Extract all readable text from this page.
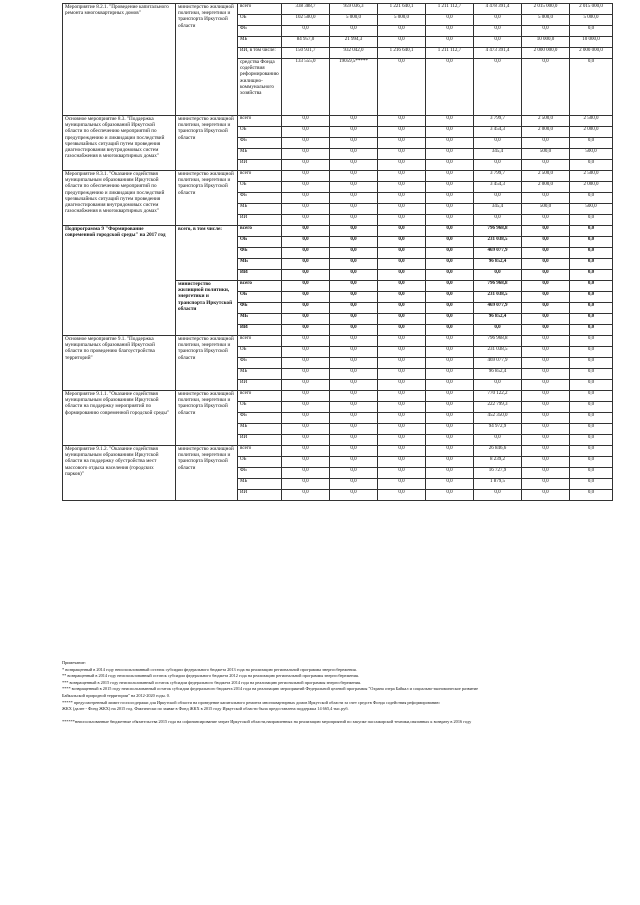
Мероприятие 8.2.1. "Проведение капитального ремонта многоквартирных домов"	министерство жилищной политики, энергетики и транспорта Иркутской области	всего	338 388,7	959 036,3	1 221 640,1	1 211 112,7	4 478 391,4	2 015 000,0	2 015 000,0
		ОБ	102 500,0	5 000,0	5 000,0	0,0	0,0	5 000,0	5 000,0
		ФБ	0,0	0,0	0,0	0,0	0,0	0,0	0,0
		МБ	84 957,0	21 994,3	0,0	0,0	0,0	10 000,0	10 000,0
		ИИ, в том числе:	150 931,7	932 042,0	1 216 640,1	1 211 112,7	4 473 391,4	2 000 000,0	2 000 000,0
		средства Фонда содействия реформированию жилищно-коммунального хозяйства	133 555,0	19059,5*****	0,0	0,0	0,0	0,0	0,0
Основное мероприятие 8.3. "Поддержка муниципальных образований Иркутской области по обеспечению мероприятий по предупреждению и ликвидации последствий чрезвычайных ситуаций путем проведения диагностирования внутридомовых систем газоснабжения в многоквартирных домах"	министерство жилищной политики, энергетики и транспорта Иркутской области	всего	0,0	0,0	0,0	0,0	3 799,7	2 500,0	2 500,0
		ОБ	0,0	0,0	0,0	0,0	3 454,3	2 000,0	2 000,0
		ФБ	0,0	0,0	0,0	0,0	0,0	0,0	0,0
		МБ	0,0	0,0	0,0	0,0	345,4	500,0	500,0
		ИИ	0,0	0,0	0,0	0,0	0,0	0,0	0,0
Мероприятие 8.3.1. "Оказание содействия муниципальным образованиям Иркутской области по обеспечению мероприятий по предупреждению и ликвидации последствий чрезвычайных ситуаций путем проведения диагностирования внутридомовых систем газоснабжения в многоквартирных домах"	министерство жилищной политики, энергетики и транспорта Иркутской области	всего	0,0	0,0	0,0	0,0	3 799,7	2 500,0	2 500,0
		ОБ	0,0	0,0	0,0	0,0	3 454,3	2 000,0	2 000,0
		ФБ	0,0	0,0	0,0	0,0	0,0	0,0	0,0
		МБ	0,0	0,0	0,0	0,0	345,4	500,0	500,0
		ИИ	0,0	0,0	0,0	0,0	0,0	0,0	0,0
Подпрограмма 9 "Формирование современной городской среды" на 2017 год	всего, в том числе:	всего	0,0	0,0	0,0	0,0	796 968,8	0,0	0,0
		ОБ	0,0	0,0	0,0	0,0	231 038,5	0,0	0,0
		ФБ	0,0	0,0	0,0	0,0	469 077,9	0,0	0,0
		МБ	0,0	0,0	0,0	0,0	96 852,4	0,0	0,0
		ИИ	0,0	0,0	0,0	0,0	0,0	0,0	0,0
	министерство жилищной политики, энергетики и транспорта Иркутской области	всего	0,0	0,0	0,0	0,0	796 968,8	0,0	0,0
		ОБ	0,0	0,0	0,0	0,0	231 038,5	0,0	0,0
		ФБ	0,0	0,0	0,0	0,0	469 077,9	0,0	0,0
		МБ	0,0	0,0	0,0	0,0	96 852,4	0,0	0,0
		ИИ	0,0	0,0	0,0	0,0	0,0	0,0	0,0
Основное мероприятие 9.1. "Поддержка муниципальных образований Иркутской области по проведению благоустройства территорий"	министерство жилищной политики, энергетики и транспорта Иркутской области	всего	0,0	0,0	0,0	0,0	796 968,8	0,0	0,0
		ОБ	0,0	0,0	0,0	0,0	231 038,5	0,0	0,0
		ФБ	0,0	0,0	0,0	0,0	469 077,9	0,0	0,0
		МБ	0,0	0,0	0,0	0,0	96 852,4	0,0	0,0
		ИИ	0,0	0,0	0,0	0,0	0,0	0,0	0,0
Мероприятие 9.1.1. "Оказание содействия муниципальным образованиям Иркутской области на поддержку мероприятий по формированию современной городской среды"	министерство жилищной политики, энергетики и транспорта Иркутской области	всего	0,0	0,0	0,0	0,0	770 122,2	0,0	0,0
		ОБ	0,0	0,0	0,0	0,0	222 799,3	0,0	0,0
		ФБ	0,0	0,0	0,0	0,0	452 350,0	0,0	0,0
		МБ	0,0	0,0	0,0	0,0	94 972,9	0,0	0,0
		ИИ	0,0	0,0	0,0	0,0	0,0	0,0	0,0
Мероприятие 9.1.2. "Оказание содействия муниципальным образованиям Иркутской области на поддержку обустройства мест массового отдыха населения (городских парков)"	министерство жилищной политики, энергетики и транспорта Иркутской области	всего	0,0	0,0	0,0	0,0	26 846,6	0,0	0,0
		ОБ	0,0	0,0	0,0	0,0	8 239,2	0,0	0,0
		ФБ	0,0	0,0	0,0	0,0	16 727,9	0,0	0,0
		МБ	0,0	0,0	0,0	0,0	1 879,5	0,0	0,0
		ИИ	0,0	0,0	0,0	0,0	0,0	0,0	0,0
Примечание:
* возвращенный в 2014 году неиспользованный остаток субсидии федерального бюджета 2013 года на реализацию региональной программы энергосбережения.
** возвращенный в 2014 году неиспользованный остаток субсидии федерального бюджета 2012 года на реализацию региональной программы энергосбережения.
*** возвращенный в 2015 году неиспользованный остаток субсидии федерального бюджета 2014 года на реализацию региональной программы энергосбережения.
**** возвращенный в 2015 году неиспользованный остаток субсидии федерального бюджета 2014 года на реализацию мероприятий Федеральной целевой программы "Охрана озера Байкал и социально-экономическое развитие
Байкальской природной территории" на 2012-2020 годы. 0.
***** предусмотренный лимит госпоосдержки для Иркутской области на проведение капитального ремонта многоквартирных домов Иркутской области за счет средств Фонда содействия реформированию
ЖКХ (далее - Фонд ЖКХ) на 2015 год. Фактически по заявке в Фонд ЖКХ в 2015 году Иркутской области была предоставлена поддержка 14 665,4 тыс.руб.
******неиспользованные бюджетные обязательства 2015 года на софинансирование затрат Иркутской области,направленных на реализацию мероприятий по закупке пассажирской техники,связанных к возврату в 2016 году
